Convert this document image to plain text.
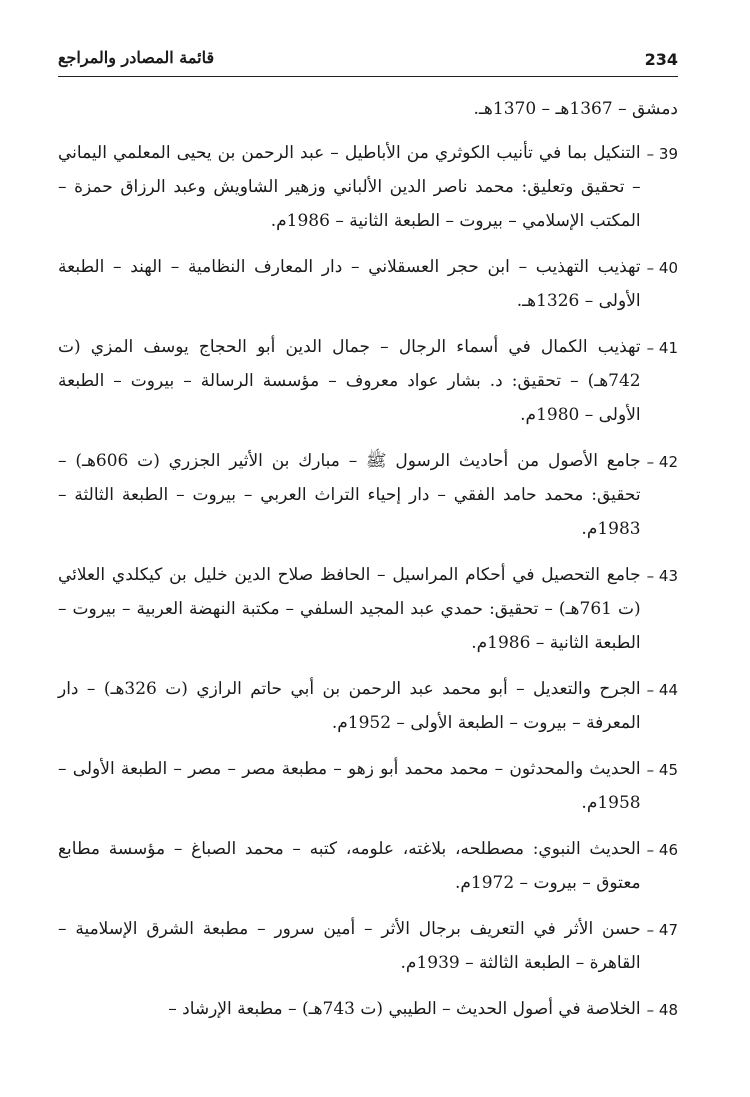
234
قائمة المصادر والمراجع

دمشق – 1367هـ – 1370هـ.

39 –
التنكيل بما في تأنيب الكوثري من الأباطيل – عبد الرحمن بن يحيى المعلمي اليماني – تحقيق وتعليق: محمد ناصر الدين الألباني وزهير الشاويش وعبد الرزاق حمزة – المكتب الإسلامي – بيروت – الطبعة الثانية – 1986م.
40 –
تهذيب التهذيب – ابن حجر العسقلاني – دار المعارف النظامية – الهند – الطبعة الأولى – 1326هـ.
41 –
تهذيب الكمال في أسماء الرجال – جمال الدين أبو الحجاج يوسف المزي (ت 742هـ) – تحقيق: د. بشار عواد معروف – مؤسسة الرسالة – بيروت – الطبعة الأولى – 1980م.
42 –
جامع الأصول من أحاديث الرسول ﷺ – مبارك بن الأثير الجزري (ت 606هـ) – تحقيق: محمد حامد الفقي – دار إحياء التراث العربي – بيروت – الطبعة الثالثة – 1983م.
43 –
جامع التحصيل في أحكام المراسيل – الحافظ صلاح الدين خليل بن كيكلدي العلائي (ت 761هـ) – تحقيق: حمدي عبد المجيد السلفي – مكتبة النهضة العربية – بيروت – الطبعة الثانية – 1986م.
44 –
الجرح والتعديل – أبو محمد عبد الرحمن بن أبي حاتم الرازي (ت 326هـ) – دار المعرفة – بيروت – الطبعة الأولى – 1952م.
45 –
الحديث والمحدثون – محمد محمد أبو زهو – مطبعة مصر – مصر – الطبعة الأولى – 1958م.
46 –
الحديث النبوي: مصطلحه، بلاغته، علومه، كتبه – محمد الصباغ – مؤسسة مطابع معتوق – بيروت – 1972م.
47 –
حسن الأثر في التعريف برجال الأثر – أمين سرور – مطبعة الشرق الإسلامية – القاهرة – الطبعة الثالثة – 1939م.
48 –
الخلاصة في أصول الحديث – الطيبي (ت 743هـ) – مطبعة الإرشاد –
